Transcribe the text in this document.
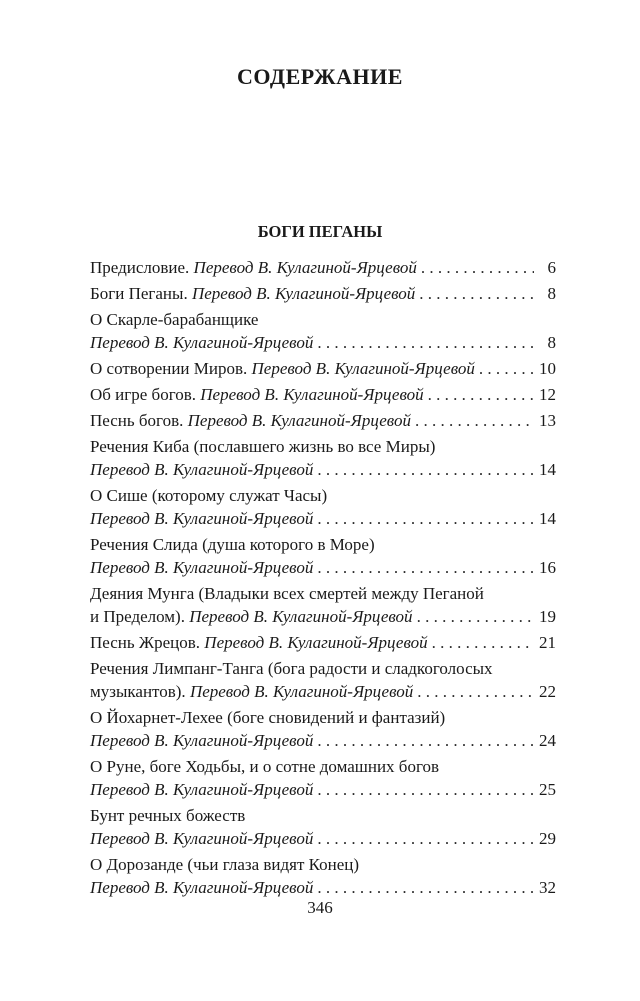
СОДЕРЖАНИЕ
БОГИ ПЕГАНЫ
Предисловие.
Перевод В. Кулагиной-Ярцевой . . .	6
Боги Пеганы.
Перевод В. Кулагиной-Ярцевой . . .	8
О Скарле-барабанщике
Перевод В. Кулагиной-Ярцевой . . .	8
О сотворении Миров.
Перевод В. Кулагиной-Ярцевой . . .	10
Об игре богов.
Перевод В. Кулагиной-Ярцевой . . .	12
Песнь богов.
Перевод В. Кулагиной-Ярцевой . . .	13
Речения Киба (пославшего жизнь во все Миры)
Перевод В. Кулагиной-Ярцевой . . .	14
О Сише (которому служат Часы)
Перевод В. Кулагиной-Ярцевой . . .	14
Речения Слида (душа которого в Море)
Перевод В. Кулагиной-Ярцевой . . .	16
Деяния Мунга (Владыки всех смертей между Пеганой
и Пределом).
Перевод В. Кулагиной-Ярцевой . . .	19
Песнь Жрецов.
Перевод В. Кулагиной-Ярцевой . . .	21
Речения Лимпанг-Танга (бога радости и сладкоголосых
музыкантов).
Перевод В. Кулагиной-Ярцевой . . .	22
О Йохарнет-Лехее (боге сновидений и фантазий)
Перевод В. Кулагиной-Ярцевой . . .	24
О Руне, боге Ходьбы, и о сотне домашних богов
Перевод В. Кулагиной-Ярцевой . . .	25
Бунт речных божеств
Перевод В. Кулагиной-Ярцевой . . .	29
О Дорозанде (чьи глаза видят Конец)
Перевод В. Кулагиной-Ярцевой . . .	32
346
